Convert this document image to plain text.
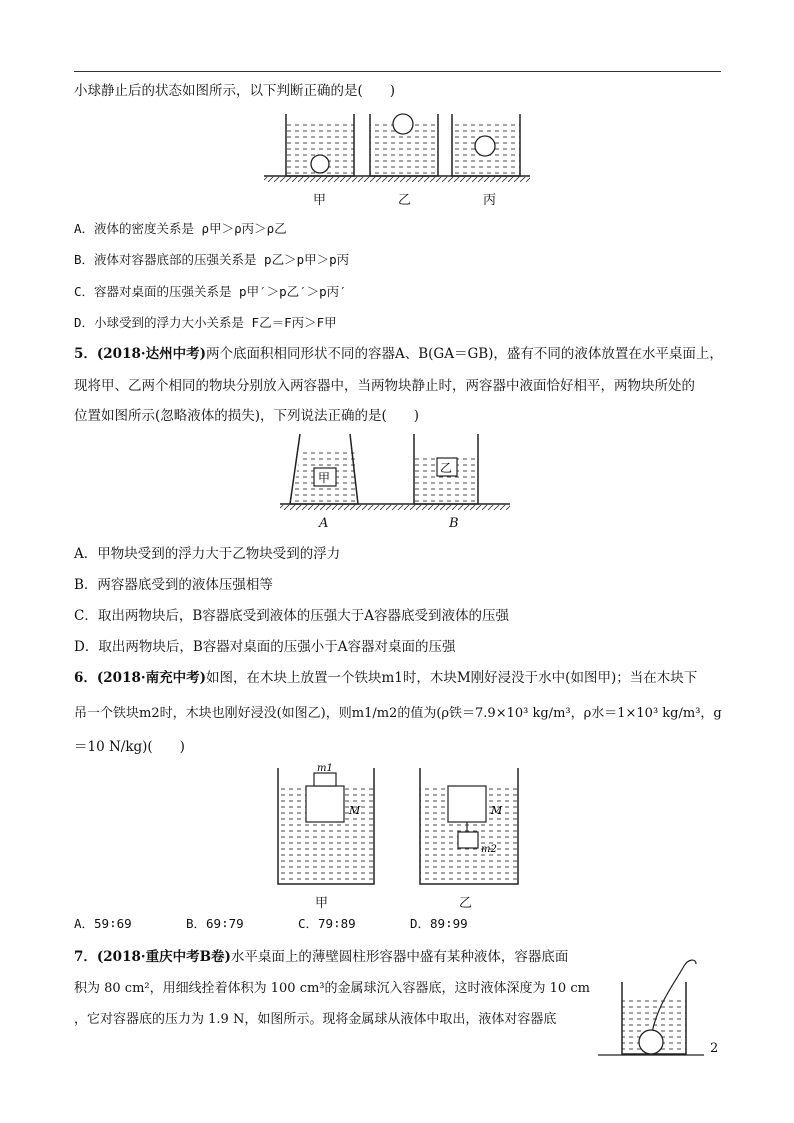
小球静止后的状态如图所示，以下判断正确的是(　　)
甲	乙	丙
A．液体的密度关系是 ρ甲＞ρ丙＞ρ乙
B．液体对容器底部的压强关系是 p乙＞p甲＞p丙
C．容器对桌面的压强关系是 p甲′＞p乙′＞p丙′
D．小球受到的浮力大小关系是 F乙＝F丙＞F甲
5．(2018·达州中考)两个底面积相同形状不同的容器A、B(GA＝GB)，盛有不同的液体放置在水平桌面上，
现将甲、乙两个相同的物块分别放入两容器中，当两物块静止时，两容器中液面恰好相平，两物块所处的
位置如图所示(忽略液体的损失)，下列说法正确的是(　　)
甲
乙
A	B
A．甲物块受到的浮力大于乙物块受到的浮力
B．两容器底受到的液体压强相等
C．取出两物块后，B容器底受到液体的压强大于A容器底受到液体的压强
D．取出两物块后，B容器对桌面的压强小于A容器对桌面的压强
6．(2018·南充中考)如图，在木块上放置一个铁块m1时，木块M刚好浸没于水中(如图甲)；当在木块下
吊一个铁块m2时，木块也刚好浸没(如图乙)，则m1/m2的值为(ρ铁＝7.9×10³ kg/m³，ρ水＝1×10³ kg/m³，g
＝10 N/kg)(　　)
m1
M	M
m2
甲	乙
A．59∶69	B．69∶79	C．79∶89	D．89∶99
7．(2018·重庆中考B卷)水平桌面上的薄壁圆柱形容器中盛有某种液体，容器底面
积为 80 cm²，用细线拴着体积为 100 cm³的金属球沉入容器底，这时液体深度为 10 cm
，它对容器底的压力为 1.9 N，如图所示。现将金属球从液体中取出，液体对容器底
2
